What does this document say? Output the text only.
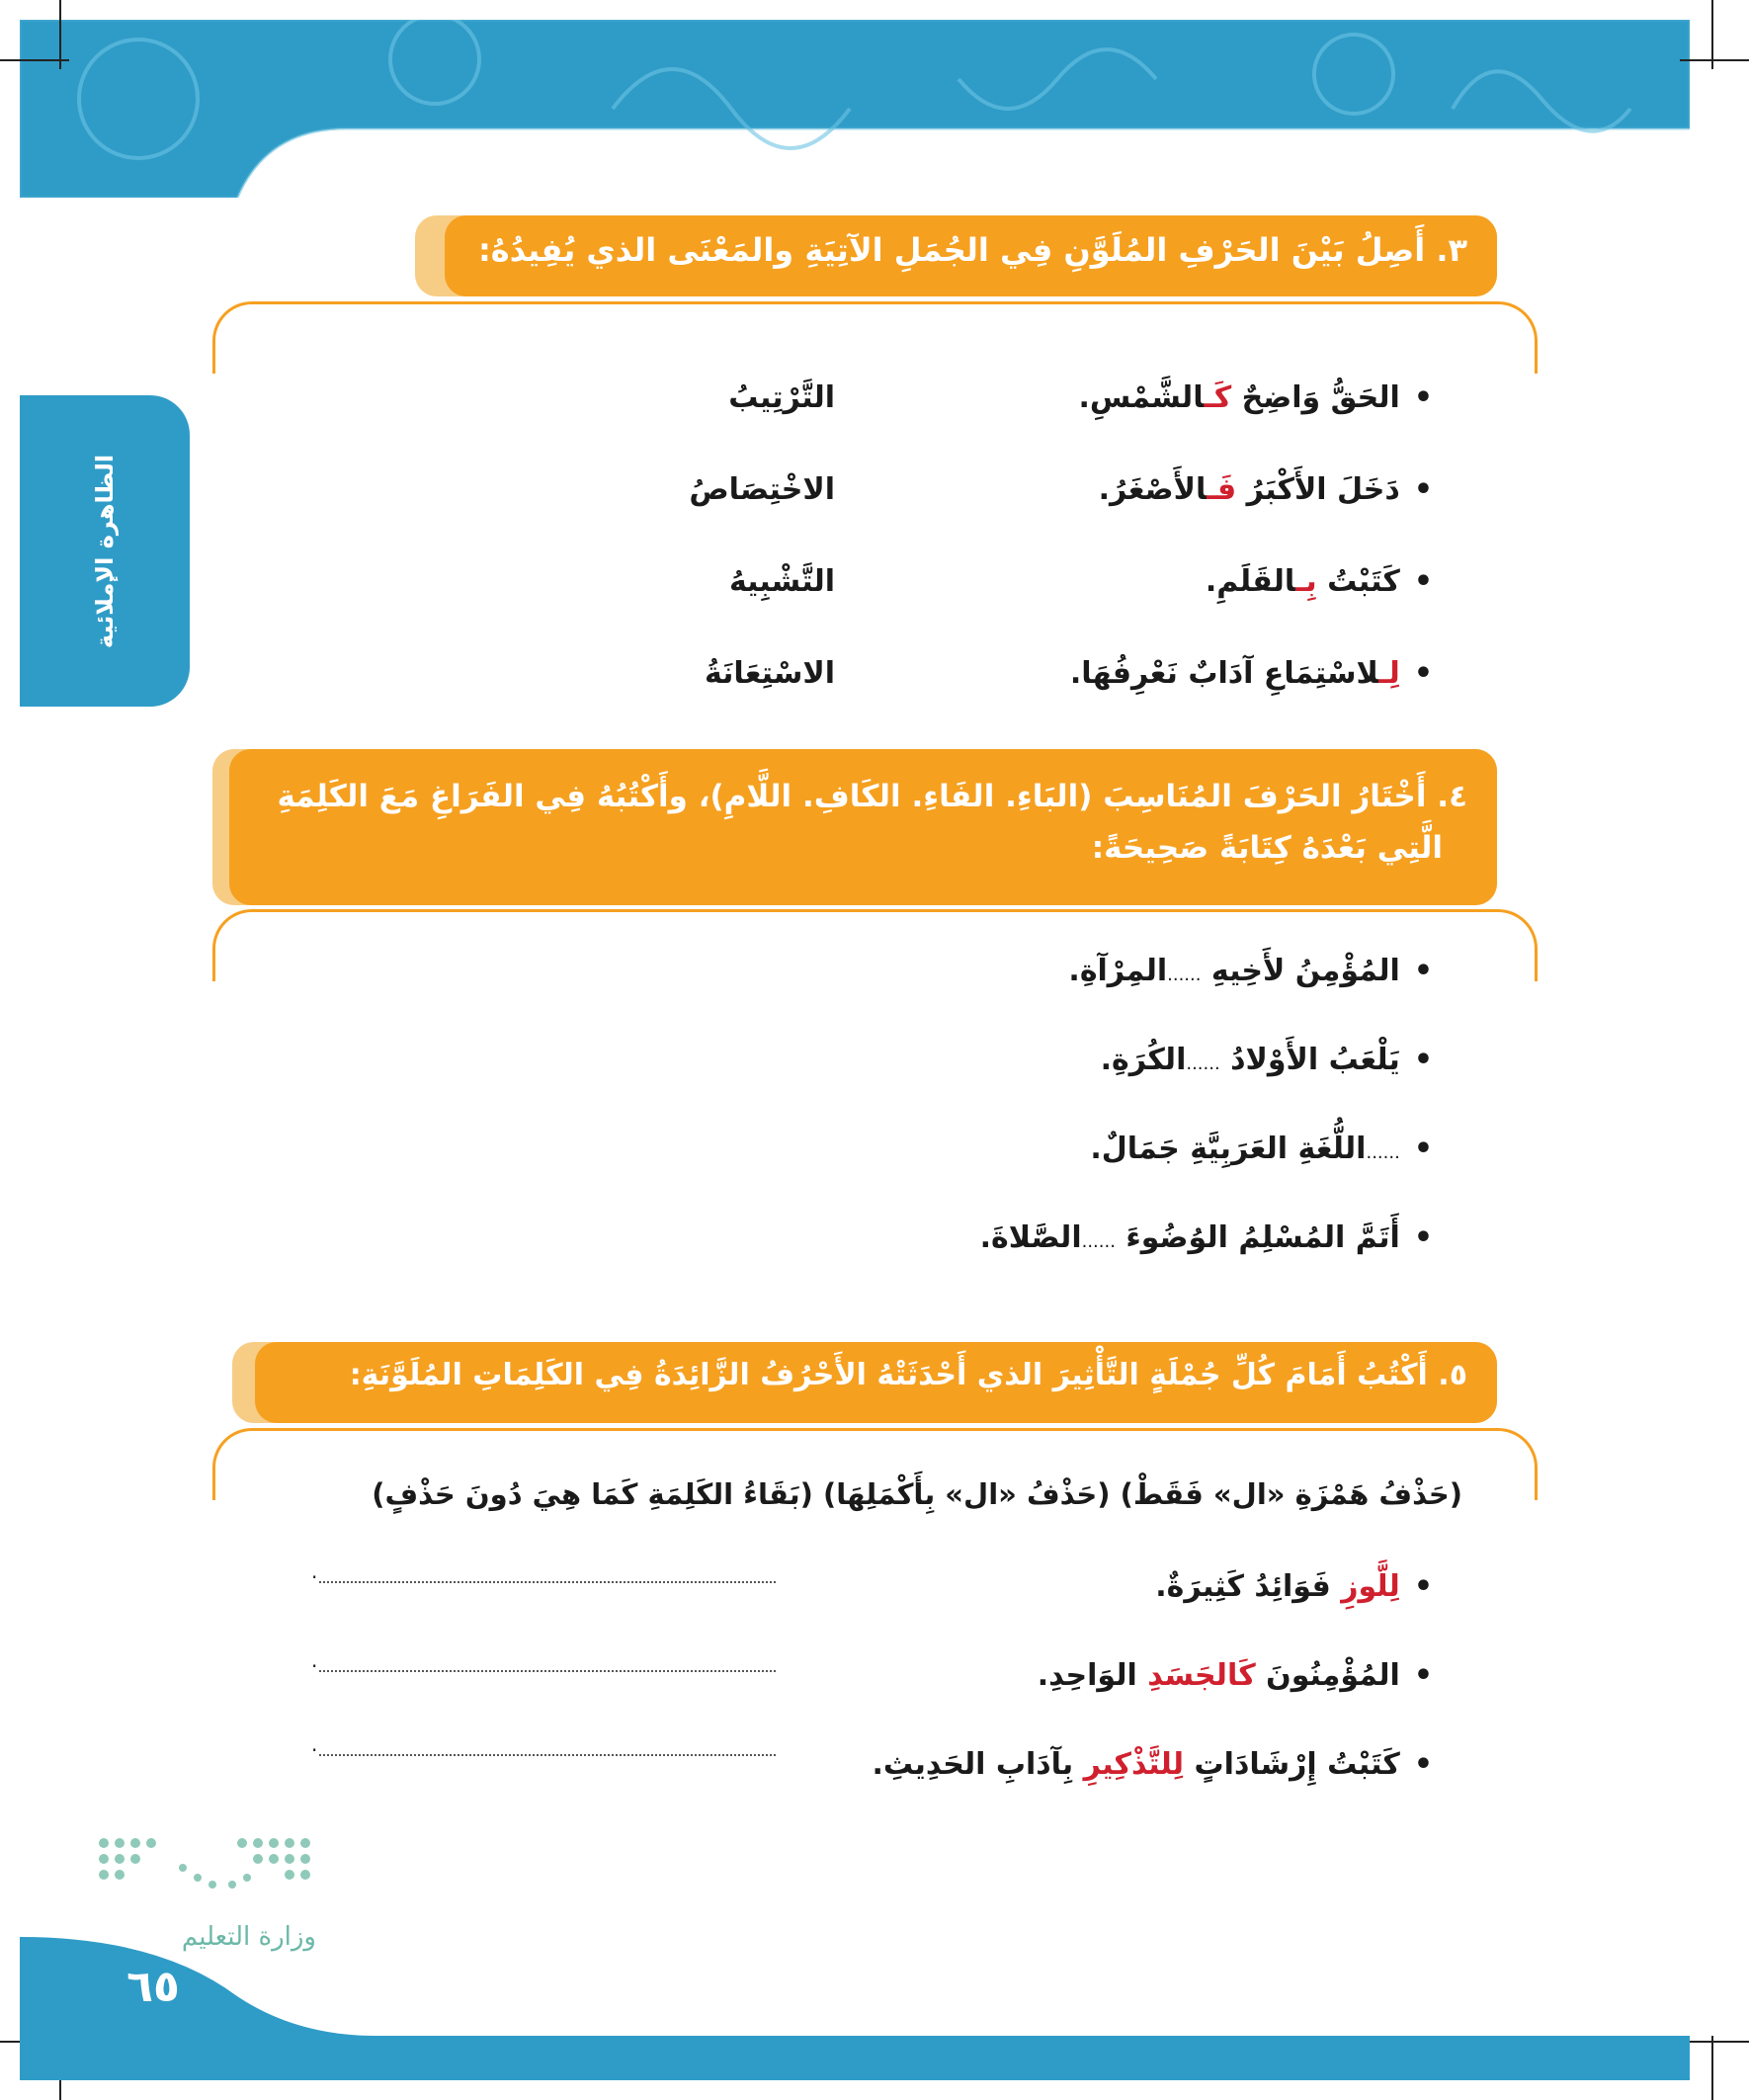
الظاهرة الإملائية
٣. أَصِلُ بَيْنَ الحَرْفِ المُلَوَّنِ فِي الجُمَلِ الآتِيَةِ والمَعْنَى الذي يُفِيدُهُ:
•الحَقُّ وَاضِحٌ كَـالشَّمْسِ.
•دَخَلَ الأَكْبَرُ فَـالأَصْغَرُ.
•كَتَبْتُ بِـالقَلَمِ.
•لِـلاسْتِمَاعِ آدَابٌ نَعْرِفُهَا.
التَّرْتِيبُ
الاخْتِصَاصُ
التَّشْبِيهُ
الاسْتِعَانَةُ
٤. أَخْتَارُ الحَرْفَ المُنَاسِبَ (البَاءِ. الفَاءِ. الكَافِ. اللَّامِ)، وأَكْتُبُهُ فِي الفَرَاغِ مَعَ الكَلِمَةِ
الَّتِي بَعْدَهُ كِتَابَةً صَحِيحَةً:
•المُؤْمِنُ لأَخِيهِ ......المِرْآةِ.
•يَلْعَبُ الأَوْلادُ ......الكُرَةِ.
•......اللُّغَةِ العَرَبِيَّةِ جَمَالٌ.
•أَتَمَّ المُسْلِمُ الوُضُوءَ ......الصَّلاةَ.
٥. أَكْتُبُ أَمَامَ كُلِّ جُمْلَةٍ التَّأْثِيرَ الذي أَحْدَثَتْهُ الأَحْرُفُ الزَّائِدَةُ فِي الكَلِمَاتِ المُلَوَّنَةِ:
(حَذْفُ هَمْزَةِ «ال» فَقَطْ) (حَذْفُ «ال» بِأَكْمَلِهَا) (بَقَاءُ الكَلِمَةِ كَمَا هِيَ دُونَ حَذْفٍ)
•لِلَّوزِ فَوَائِدُ كَثِيرَةٌ.
•المُؤْمِنُونَ كَالجَسَدِ الوَاحِدِ.
•كَتَبْتُ إِرْشَادَاتٍ لِلتَّذْكِيرِ بِآدَابِ الحَدِيثِ.
.
.
.
وزارة التعليم
٦٥
